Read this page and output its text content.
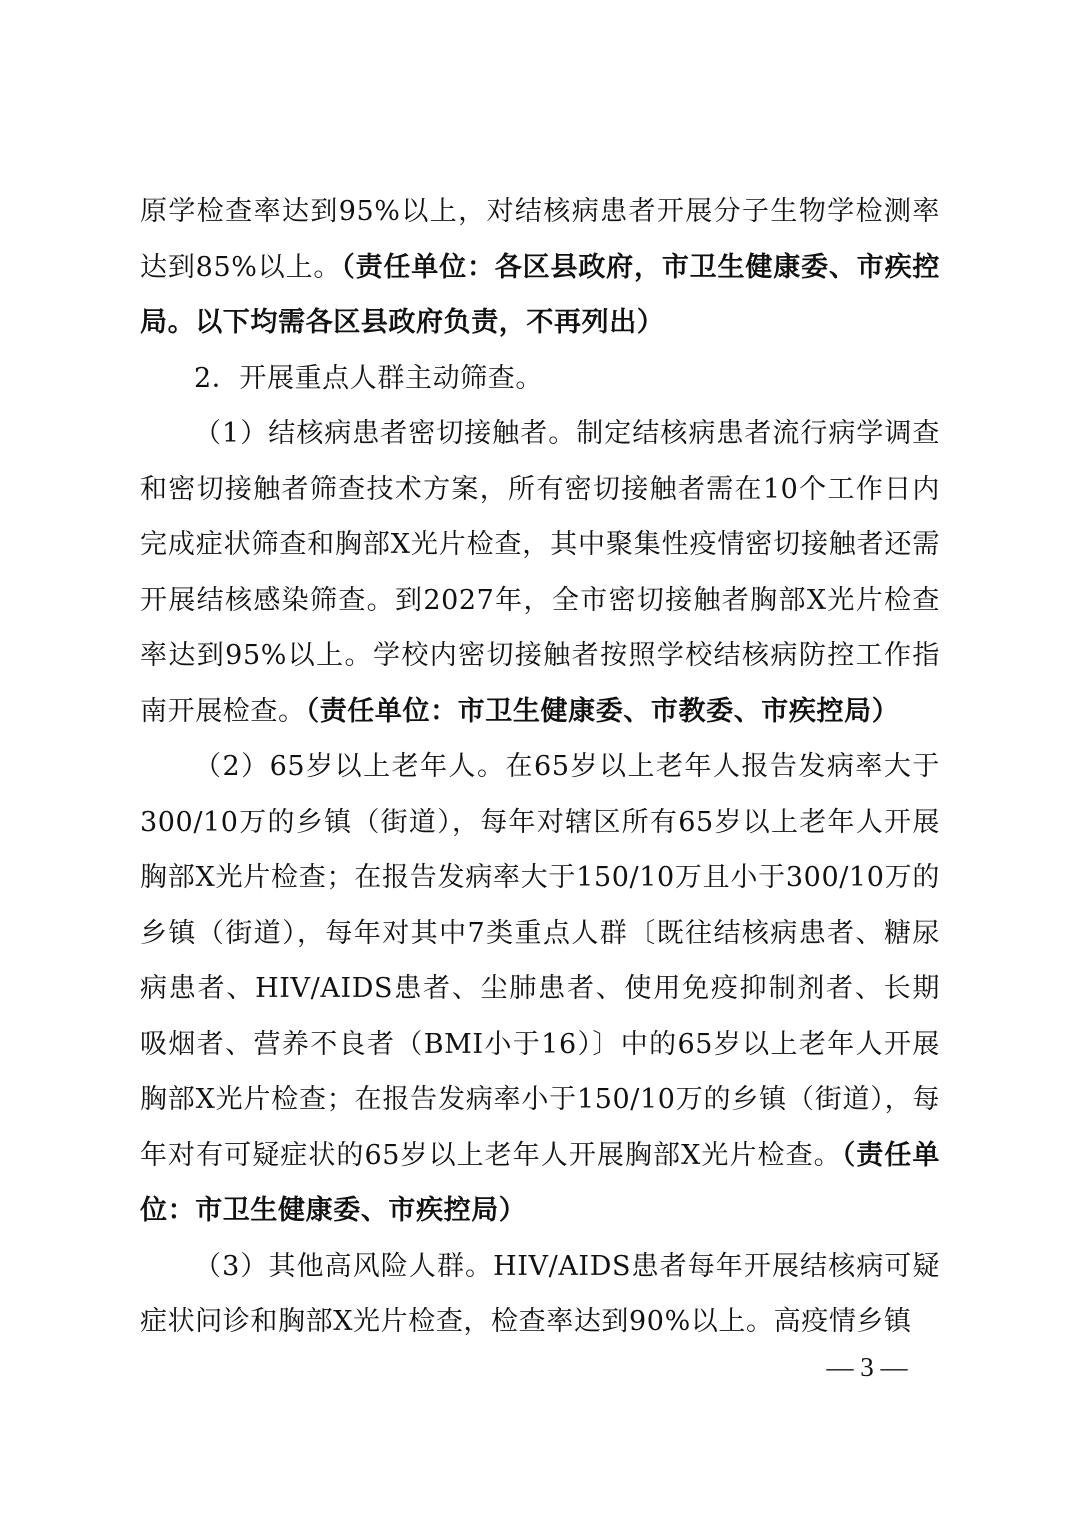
原学检查率达到95%以上，对结核病患者开展分子生物学检测率达到85%以上。（责任单位：各区县政府，市卫生健康委、市疾控局。以下均需各区县政府负责，不再列出）

2．开展重点人群主动筛查。

（1）结核病患者密切接触者。制定结核病患者流行病学调查和密切接触者筛查技术方案，所有密切接触者需在10个工作日内完成症状筛查和胸部X光片检查，其中聚集性疫情密切接触者还需开展结核感染筛查。到2027年，全市密切接触者胸部X光片检查率达到95%以上。学校内密切接触者按照学校结核病防控工作指南开展检查。（责任单位：市卫生健康委、市教委、市疾控局）

（2）65岁以上老年人。在65岁以上老年人报告发病率大于300/10万的乡镇（街道），每年对辖区所有65岁以上老年人开展胸部X光片检查；在报告发病率大于150/10万且小于300/10万的乡镇（街道），每年对其中7类重点人群〔既往结核病患者、糖尿病患者、HIV/AIDS患者、尘肺患者、使用免疫抑制剂者、长期吸烟者、营养不良者（BMI小于16）〕中的65岁以上老年人开展胸部X光片检查；在报告发病率小于150/10万的乡镇（街道），每年对有可疑症状的65岁以上老年人开展胸部X光片检查。（责任单位：市卫生健康委、市疾控局）

（3）其他高风险人群。HIV/AIDS患者每年开展结核病可疑症状问诊和胸部X光片检查，检查率达到90%以上。高疫情乡镇

— 3 —
